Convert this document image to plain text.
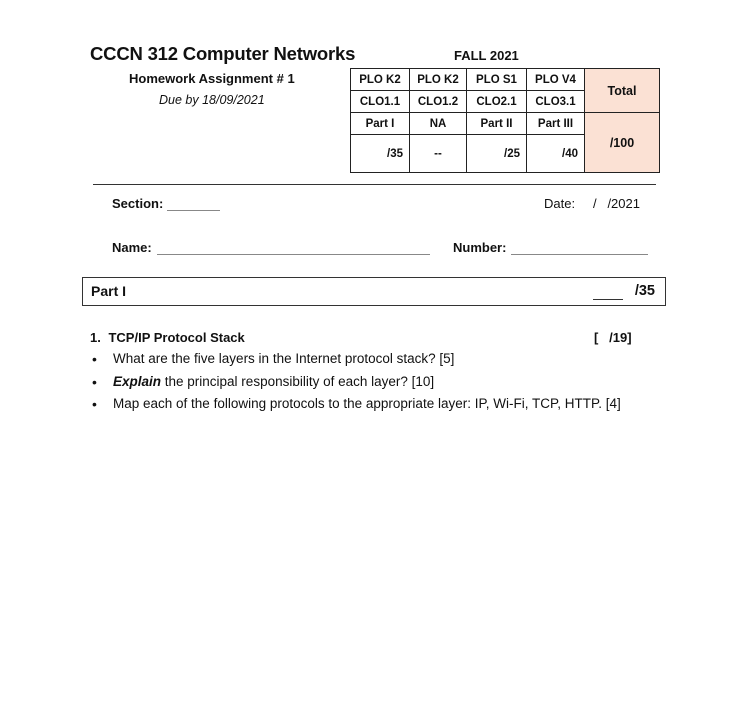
CCCN 312 Computer Networks
Homework Assignment # 1
Due by 18/09/2021
FALL 2021
PLO K2	PLO K2	PLO S1	PLO V4	Total
CLO1.1	CLO1.2	CLO2.1	CLO3.1	
Part I	NA	Part II	Part III	/100
/35	--	/25	/40	
Section:	Date: /   /2021
Name:	Number:
Part I	/35
1. TCP/IP Protocol Stack	[   /19]
• What are the five layers in the Internet protocol stack? [5]
• Explain the principal responsibility of each layer? [10]
• Map each of the following protocols to the appropriate layer: IP, Wi-Fi, TCP, HTTP. [4]
